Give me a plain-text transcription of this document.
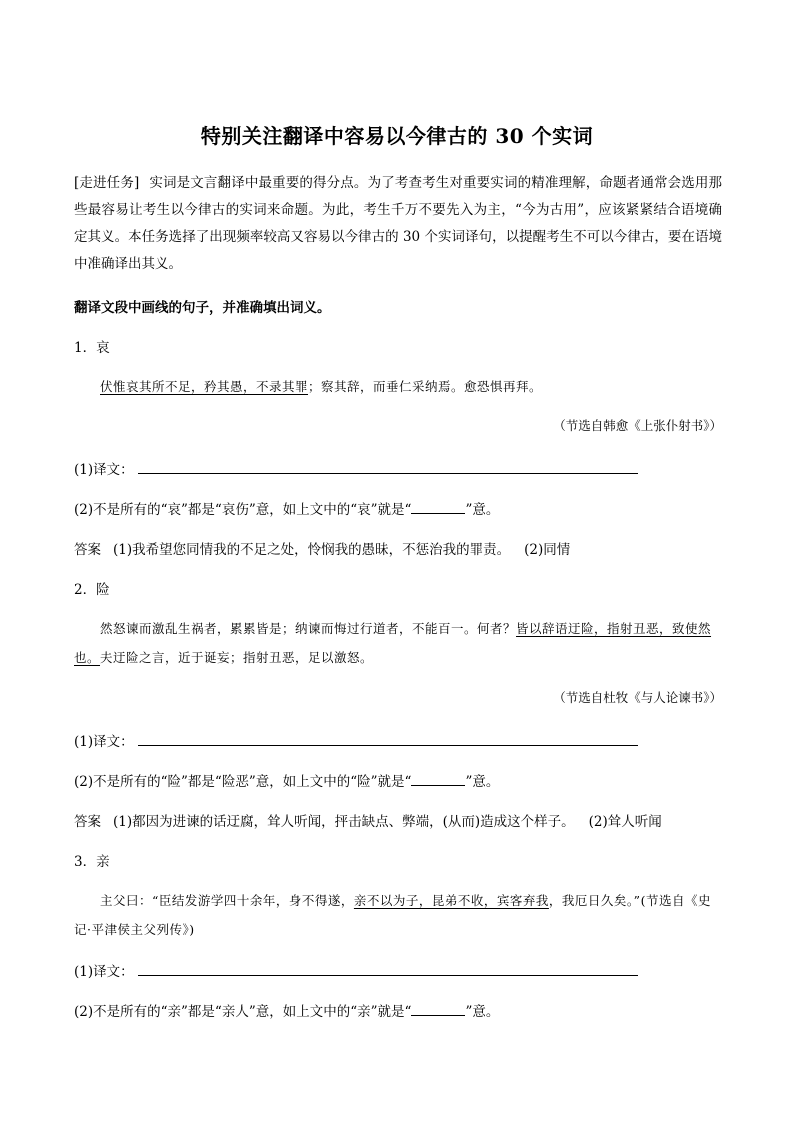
特别关注翻译中容易以今律古的 30 个实词
[走进任务] 实词是文言翻译中最重要的得分点。为了考查考生对重要实词的精准理解，命题者通常会选用那些最容易让考生以今律古的实词来命题。为此，考生千万不要先入为主，“今为古用”，应该紧紧结合语境确定其义。本任务选择了出现频率较高又容易以今律古的 30 个实词译句，以提醒考生不可以今律古，要在语境中准确译出其义。
翻译文段中画线的句子，并准确填出词义。
1．哀
伏惟哀其所不足，矜其愚，不录其罪；察其辞，而垂仁采纳焉。愈恐惧再拜。
（节选自韩愈《上张仆射书》）
(1)译文：
(2)不是所有的“哀”都是“哀伤”意，如上文中的“哀”就是“	”意。
答案 (1)我希望您同情我的不足之处，怜悯我的愚昧，不惩治我的罪责。 (2)同情
2．险
然怒谏而激乱生祸者，累累皆是；纳谏而悔过行道者，不能百一。何者？皆以辞语迂险，指射丑恶，致使然也。夫迂险之言，近于诞妄；指射丑恶，足以激怒。
（节选自杜牧《与人论谏书》）
(1)译文：
(2)不是所有的“险”都是“险恶”意，如上文中的“险”就是“	”意。
答案 (1)都因为进谏的话迂腐，耸人听闻，抨击缺点、弊端，(从而)造成这个样子。 (2)耸人听闻
3．亲
主父曰：“臣结发游学四十余年，身不得遂，亲不以为子，昆弟不收，宾客弃我，我厄日久矣。”(节选自《史记·平津侯主父列传》)
(1)译文：
(2)不是所有的“亲”都是“亲人”意，如上文中的“亲”就是“	”意。
